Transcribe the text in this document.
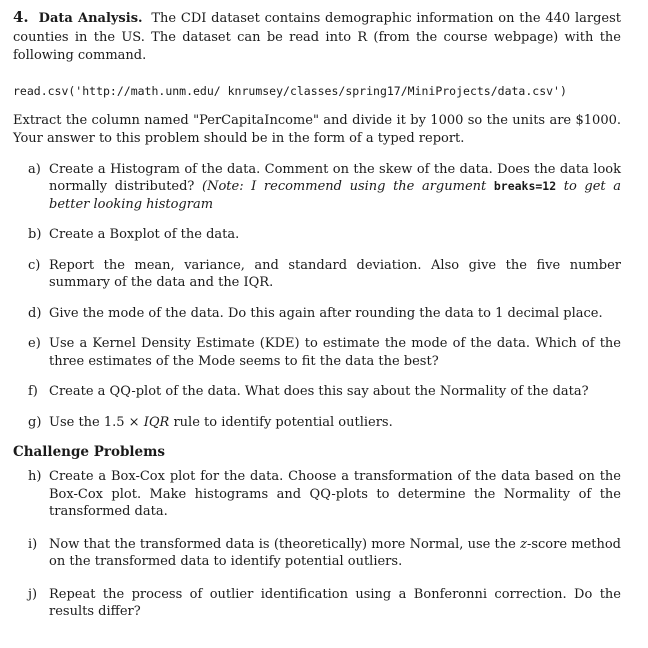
4. Data Analysis. The CDI dataset contains demographic information on the 440 largest counties in the US. The dataset can be read into R (from the course webpage) with the following command.

read.csv('http://math.unm.edu/ knrumsey/classes/spring17/MiniProjects/data.csv')
Extract the column named "PerCapitaIncome" and divide it by 1000 so the units are $1000. Your answer to this problem should be in the form of a typed report.
a) Create a Histogram of the data. Comment on the skew of the data. Does the data look normally distributed? (Note: I recommend using the argument breaks=12 to get a better looking histogram
b) Create a Boxplot of the data.
c) Report the mean, variance, and standard deviation. Also give the five number summary of the data and the IQR.
d) Give the mode of the data. Do this again after rounding the data to 1 decimal place.
e) Use a Kernel Density Estimate (KDE) to estimate the mode of the data. Which of the three estimates of the Mode seems to fit the data the best?
f) Create a QQ-plot of the data. What does this say about the Normality of the data?
g) Use the 1.5 × IQR rule to identify potential outliers.
Challenge Problems
h) Create a Box-Cox plot for the data. Choose a transformation of the data based on the Box-Cox plot. Make histograms and QQ-plots to determine the Normality of the transformed data.
i) Now that the transformed data is (theoretically) more Normal, use the z-score method on the transformed data to identify potential outliers.
j) Repeat the process of outlier identification using a Bonferonni correction. Do the results differ?
